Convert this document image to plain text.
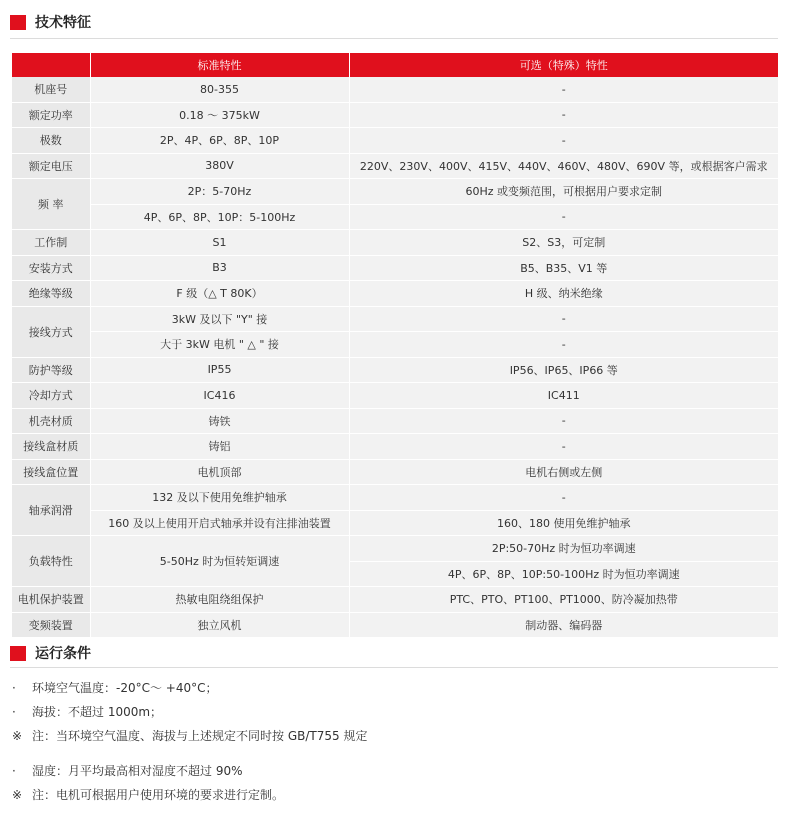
技术特征
	标准特性	可选（特殊）特性
机座号	80-355	-
额定功率	0.18 ～ 375kW	-
极数	2P、4P、6P、8P、10P	-
额定电压	380V	220V、230V、400V、415V、440V、460V、480V、690V 等，或根据客户需求
频 率	2P：5-70Hz	60Hz 或变频范围，可根据用户要求定制
	4P、6P、8P、10P：5-100Hz	-
工作制	S1	S2、S3，可定制
安装方式	B3	B5、B35、V1 等
绝缘等级	F 级（△ T 80K）	H 级、纳米绝缘
接线方式	3kW 及以下 "Y" 接	-
	大于 3kW 电机 " △ " 接	-
防护等级	IP55	IP56、IP65、IP66 等
冷却方式	IC416	IC411
机壳材质	铸铁	-
接线盒材质	铸铝	-
接线盒位置	电机顶部	电机右侧或左侧
轴承润滑	132 及以下使用免维护轴承	-
	160 及以上使用开启式轴承并设有注排油装置	160、180 使用免维护轴承
负载特性	5-50Hz 时为恒转矩调速	2P:50-70Hz 时为恒功率调速
		4P、6P、8P、10P:50-100Hz 时为恒功率调速
电机保护装置	热敏电阻绕组保护	PTC、PTO、PT100、PT1000、防冷凝加热带
变频装置	独立风机	制动器、编码器
运行条件
·	环境空气温度：-20°C～ +40°C；
·	海拔：不超过 1000m；
※ 注：当环境空气温度、海拔与上述规定不同时按 GB/T755 规定
·	湿度：月平均最高相对湿度不超过 90%
※ 注：电机可根据用户使用环境的要求进行定制。
